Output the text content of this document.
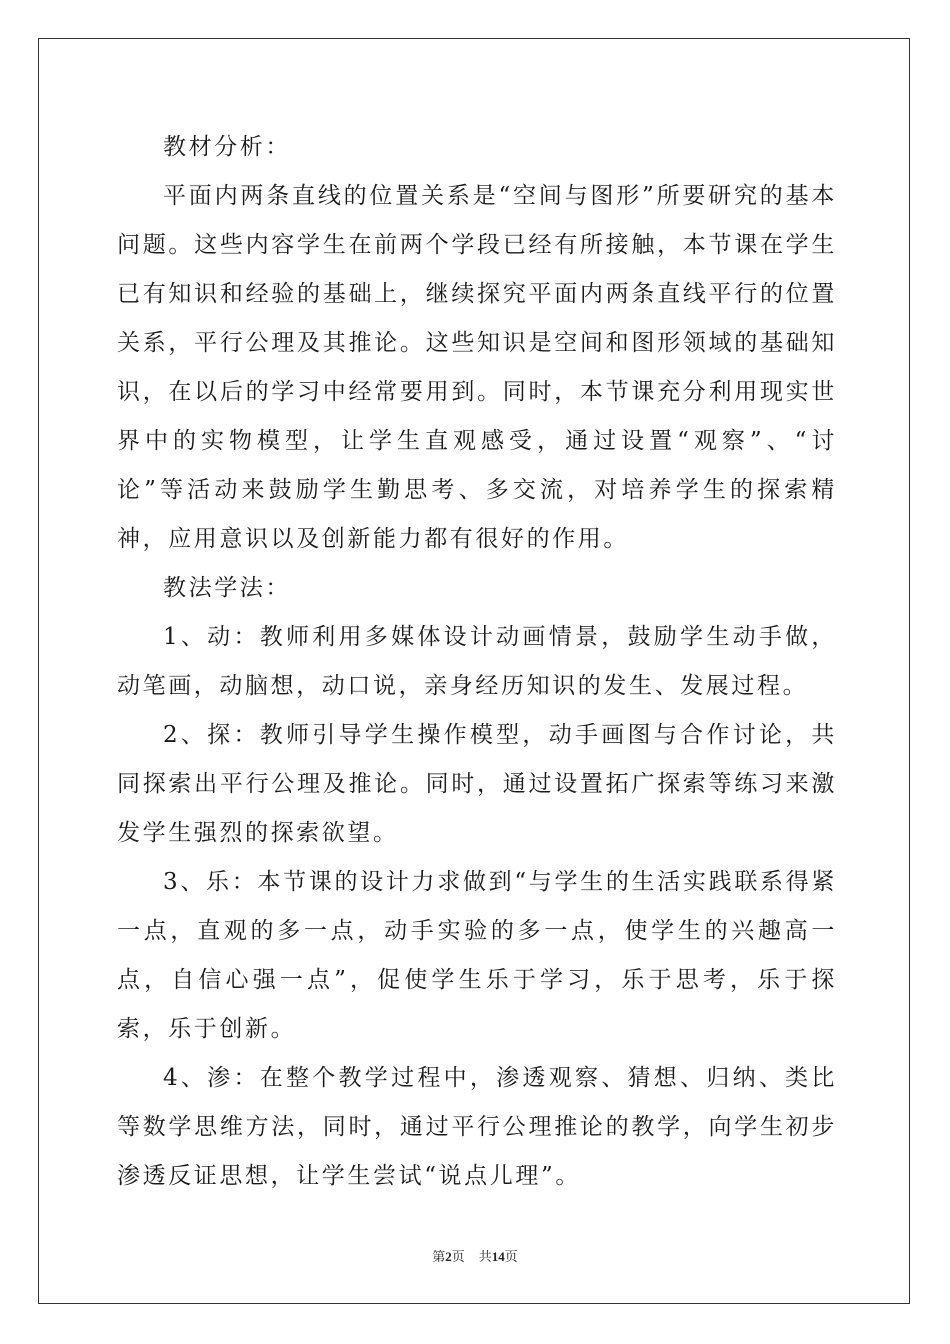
教材分析：

平面内两条直线的位置关系是“空间与图形”所要研究的基本问题。这些内容学生在前两个学段已经有所接触，本节课在学生已有知识和经验的基础上，继续探究平面内两条直线平行的位置关系，平行公理及其推论。这些知识是空间和图形领域的基础知识，在以后的学习中经常要用到。同时，本节课充分利用现实世界中的实物模型，让学生直观感受，通过设置“观察”、“讨论”等活动来鼓励学生勤思考、多交流，对培养学生的探索精神，应用意识以及创新能力都有很好的作用。

教法学法：

1、动：教师利用多媒体设计动画情景，鼓励学生动手做，动笔画，动脑想，动口说，亲身经历知识的发生、发展过程。

2、探：教师引导学生操作模型，动手画图与合作讨论，共同探索出平行公理及推论。同时，通过设置拓广探索等练习来激发学生强烈的探索欲望。

3、乐：本节课的设计力求做到“与学生的生活实践联系得紧一点，直观的多一点，动手实验的多一点，使学生的兴趣高一点，自信心强一点”，促使学生乐于学习，乐于思考，乐于探索，乐于创新。

4、渗：在整个教学过程中，渗透观察、猜想、归纳、类比等数学思维方法，同时，通过平行公理推论的教学，向学生初步渗透反证思想，让学生尝试“说点儿理”。

第2页 共14页
